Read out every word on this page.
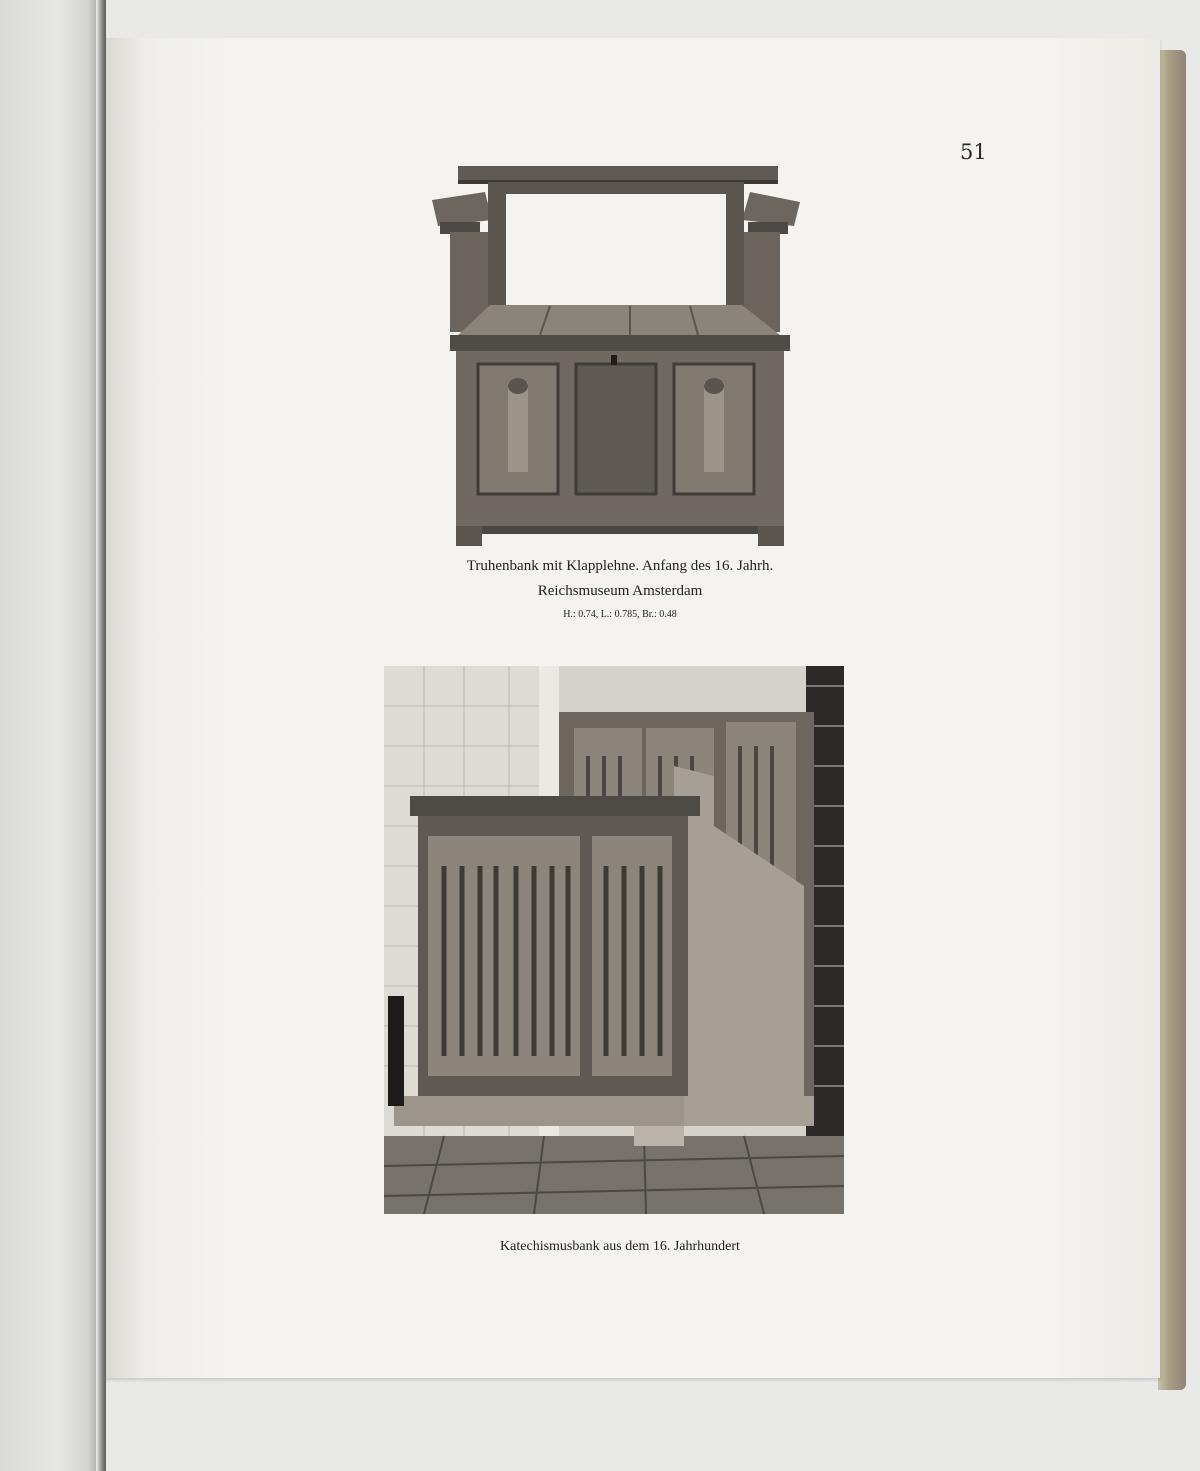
51
Truhenbank mit Klapplehne. Anfang des 16. Jahrh.
Reichsmuseum Amsterdam
H.: 0.74, L.: 0.785, Br.: 0.48
Katechismusbank aus dem 16. Jahrhundert
